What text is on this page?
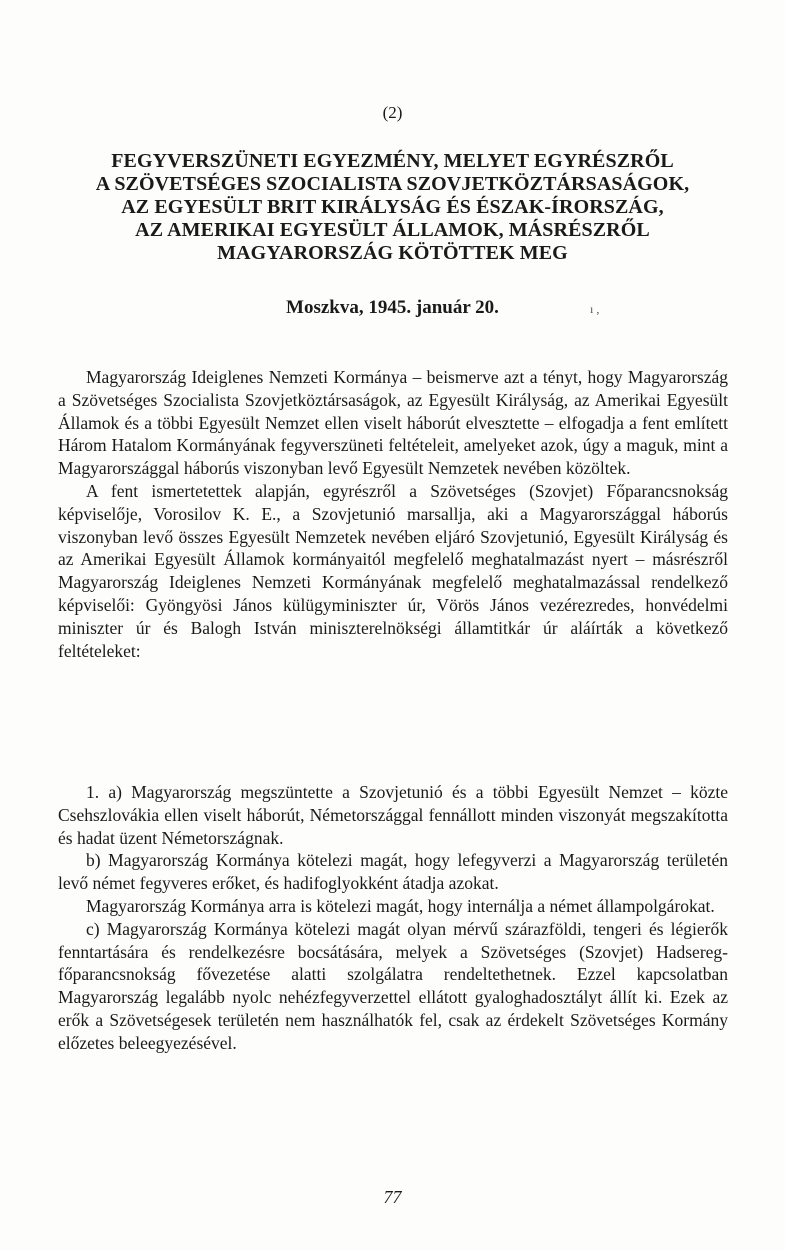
(2)
FEGYVERSZÜNETI EGYEZMÉNY, MELYET EGYRÉSZRŐL
A SZÖVETSÉGES SZOCIALISTA SZOVJETKÖZTÁRSASÁGOK,
AZ EGYESÜLT BRIT KIRÁLYSÁG ÉS ÉSZAK-ÍRORSZÁG,
AZ AMERIKAI EGYESÜLT ÁLLAMOK, MÁSRÉSZRŐL
MAGYARORSZÁG KÖTÖTTEK MEG
Moszkva, 1945. január 20.	ı ,

Magyarország Ideiglenes Nemzeti Kormánya – beismerve azt a tényt, hogy Magyarország a Szövetséges Szocialista Szovjetköztársaságok, az Egyesült Királyság, az Amerikai Egyesült Államok és a többi Egyesült Nemzet ellen viselt háborút elvesztette – elfogadja a fent említett Három Hatalom Kormányának fegyverszüneti feltételeit, amelyeket azok, úgy a maguk, mint a Magyarországgal háborús viszonyban levő Egyesült Nemzetek nevében közöltek.

A fent ismertetettek alapján, egyrészről a Szövetséges (Szovjet) Főparancsnokság képviselője, Vorosilov K. E., a Szovjetunió marsallja, aki a Magyarországgal háborús viszonyban levő összes Egyesült Nemzetek nevében eljáró Szovjetunió, Egyesült Királyság és az Amerikai Egyesült Államok kormányaitól megfelelő meghatalmazást nyert – másrészről Magyarország Ideiglenes Nemzeti Kormányának megfelelő meghatalmazással rendelkező képviselői: Gyöngyösi János külügyminiszter úr, Vörös János vezérezredes, honvédelmi miniszter úr és Balogh István miniszterelnökségi államtitkár úr aláírták a következő feltételeket:

1. a) Magyarország megszüntette a Szovjetunió és a többi Egyesült Nemzet – közte Csehszlovákia ellen viselt háborút, Németországgal fennállott minden viszonyát megszakította és hadat üzent Németországnak.

b) Magyarország Kormánya kötelezi magát, hogy lefegyverzi a Magyarország területén levő német fegyveres erőket, és hadifoglyokként átadja azokat.

Magyarország Kormánya arra is kötelezi magát, hogy internálja a német állampolgárokat.

c) Magyarország Kormánya kötelezi magát olyan mérvű szárazföldi, tengeri és légierők fenntartására és rendelkezésre bocsátására, melyek a Szövetséges (Szovjet) Hadsereg-főparancsnokság fővezetése alatti szolgálatra rendeltethetnek. Ezzel kapcsolatban Magyarország legalább nyolc nehézfegyverzettel ellátott gyaloghadosztályt állít ki. Ezek az erők a Szövetségesek területén nem használhatók fel, csak az érdekelt Szövetséges Kormány előzetes beleegyezésével.

77
